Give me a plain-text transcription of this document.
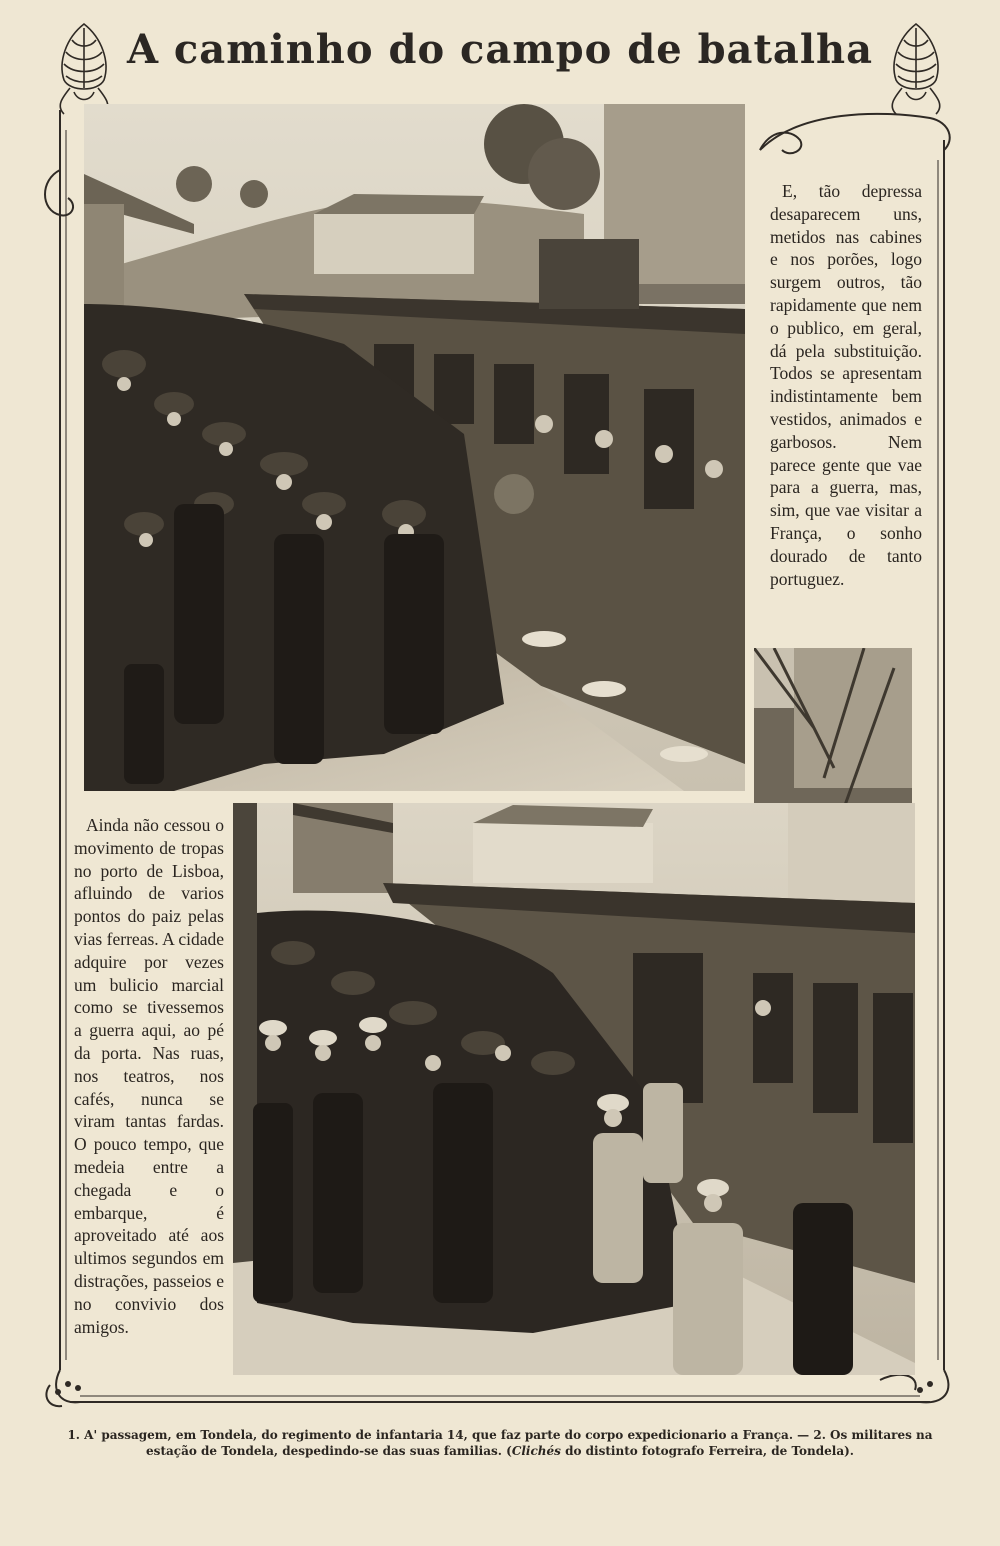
A caminho do campo de batalha

E, tão depressa desaparecem uns, metidos nas cabines e nos porões, logo surgem outros, tão rapidamente que nem o publico, em geral, dá pela substituição. Todos se apresentam indistintamente bem vestidos, animados e garbosos. Nem parece gente que vae para a guerra, mas, sim, que vae visitar a França, o sonho dourado de tanto portuguez.

Ainda não cessou o movimento de tropas no porto de Lisboa, afluindo de varios pontos do paiz pelas vias ferreas. A cidade adquire por vezes um bulicio marcial como se tivessemos a guerra aqui, ao pé da porta. Nas ruas, nos teatros, nos cafés, nunca se viram tantas fardas. O pouco tempo, que medeia entre a chegada e o embarque, é aproveitado até aos ultimos segundos em distrações, passeios e no convivio dos amigos.

1. A' passagem, em Tondela, do regimento de infantaria 14, que faz parte do corpo expedicionario a França. — 2. Os militares na estação de Tondela, despedindo-se das suas familias. (Clichés do distinto fotografo Ferreira, de Tondela).
